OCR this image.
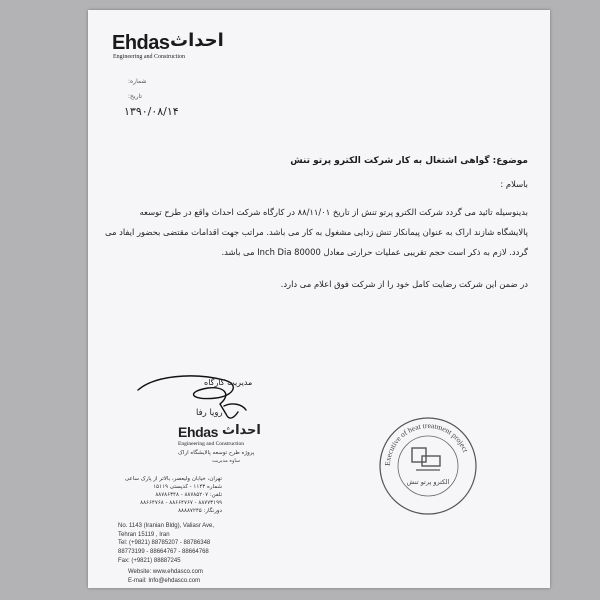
Ehdas احداث
Engineering and Construction
شماره:
تاریخ:
۱۳۹۰/۰۸/۱۴
موضوع: گواهی اشتغال به کار شرکت الکترو پرتو تنش
باسلام :
بدینوسیله تائید می گردد شرکت الکترو پرتو تنش از تاریخ ۸۸/۱۱/۰۱ در کارگاه شرکت احداث واقع در طرح توسعه
پالایشگاه شازند اراک به عنوان پیمانکار تنش زدایی مشغول به کار می باشد. مراتب جهت اقدامات مقتضی بحضور ایفاد می
گردد. لازم به ذکر است حجم تقریبی عملیات حرارتی معادل 80000 Inch Dia می باشد.
در ضمن این شرکت رضایت کامل خود را از شرکت فوق اعلام می دارد.
مدیریت کارگاه
رویا رفا
Ehdas احداث
Engineering and Construction
پروژه طرح توسعه پالایشگاه اراک
ساوه مدیریت
تهران، خیابان ولیعصر، بالاتر از پارک ساعی
شماره ۱۱۴۳ - کدپستی ۱۵۱۱۹
تلفن: ۸۸۷۸۵۲۰۷ - ۸۸۷۸۶۳۴۸
۸۸۷۷۳۱۹۹ - ۸۸۶۶۴۷۶۷ - ۸۸۶۶۴۷۶۸
دورنگار: ۸۸۸۸۷۲۴۵
No. 1143 (Iranian Bldg), Valiasr Ave,
Tehran 15119 , Iran
Tel: (+9821) 88785207 - 88786348
88773199 - 88664767 - 88664768
Fax: (+9821) 88887245
Website: www.ehdasco.com
E-mail: Info@ehdasco.com
Executive of heat treatment project
الکترو پرتو تنش
